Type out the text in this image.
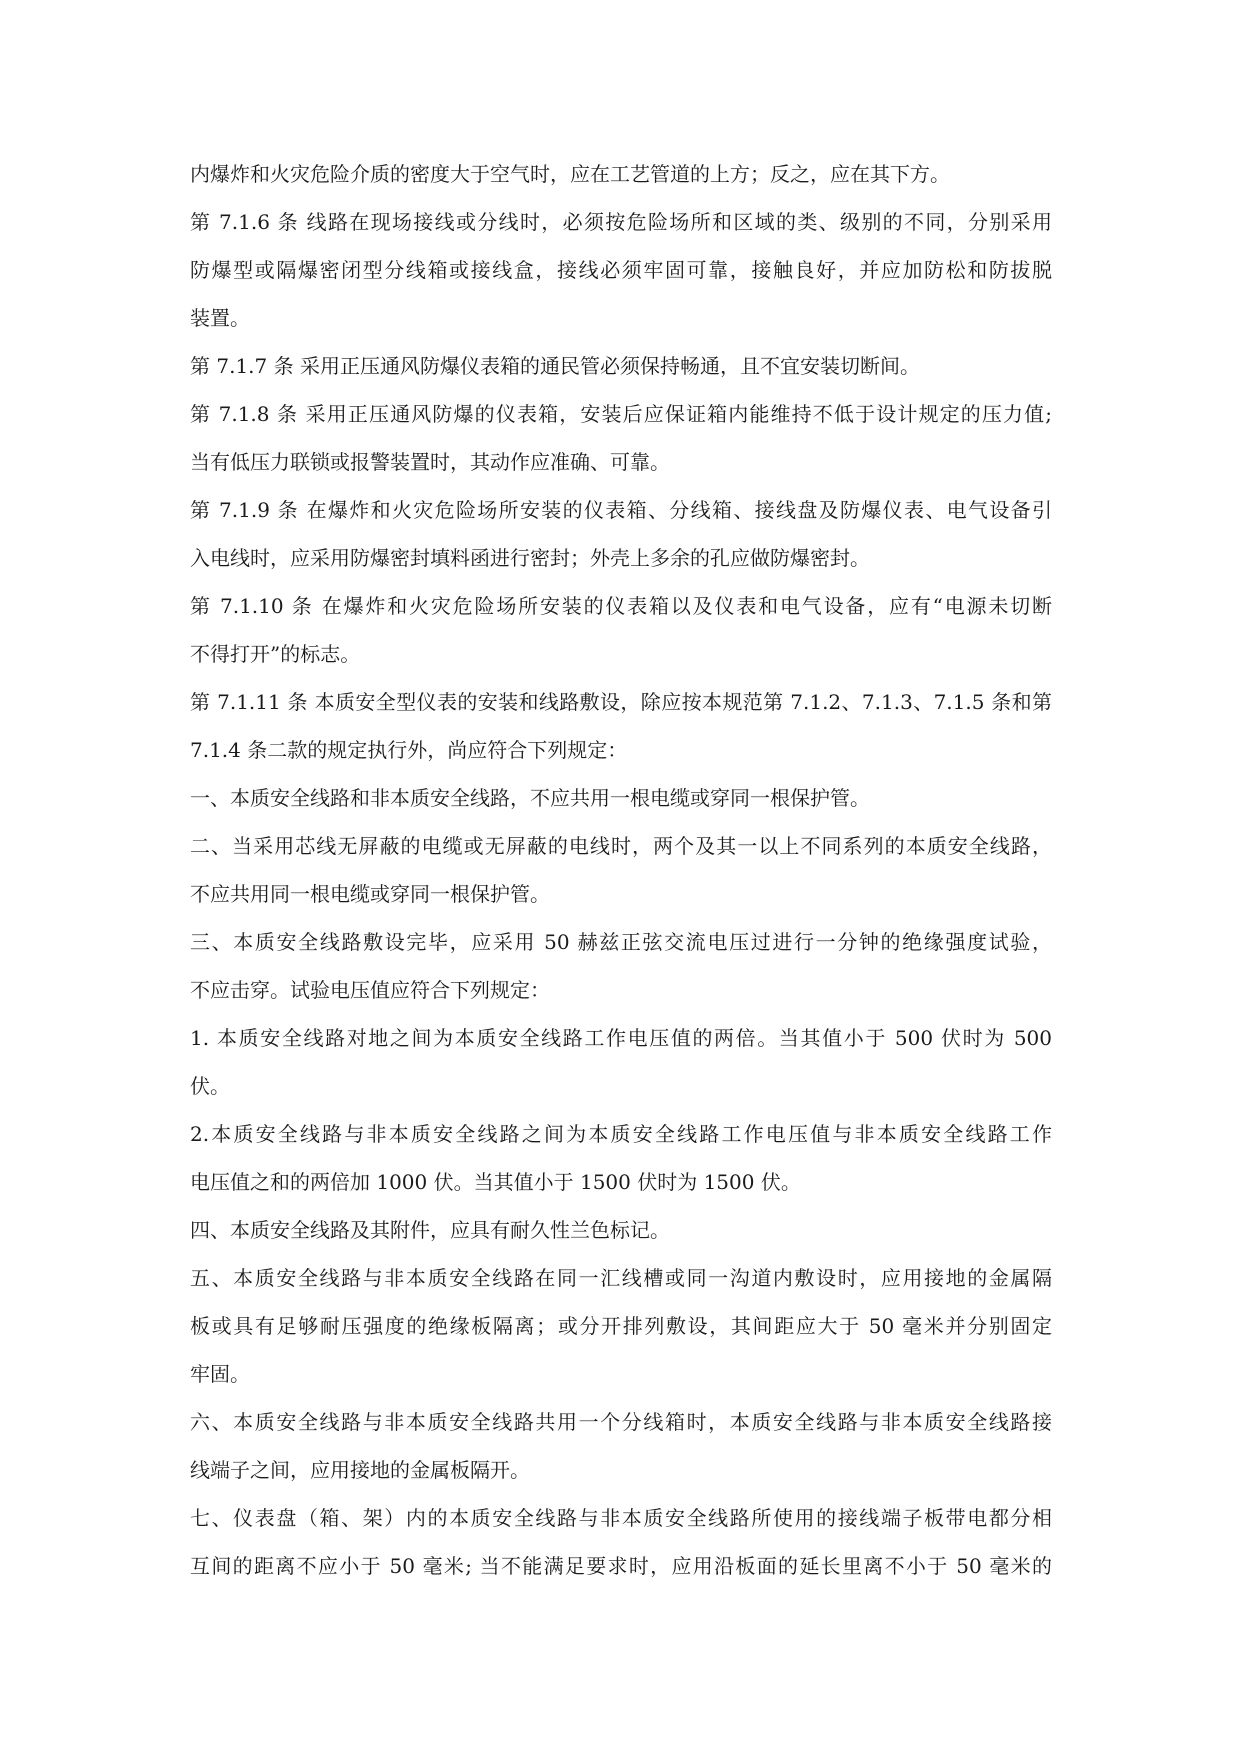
内爆炸和火灾危险介质的密度大于空气时，应在工艺管道的上方；反之，应在其下方。
第 7.1.6 条 线路在现场接线或分线时，必须按危险场所和区域的类、级别的不同，分别采用
防爆型或隔爆密闭型分线箱或接线盒，接线必须牢固可靠，接触良好，并应加防松和防拔脱
装置。
第 7.1.7 条 采用正压通风防爆仪表箱的通民管必须保持畅通，且不宜安装切断间。
第 7.1.8 条 采用正压通风防爆的仪表箱，安装后应保证箱内能维持不低于设计规定的压力值;
当有低压力联锁或报警装置时，其动作应准确、可靠。
第 7.1.9 条 在爆炸和火灾危险场所安装的仪表箱、分线箱、接线盘及防爆仪表、电气设备引
入电线时，应采用防爆密封填料函进行密封；外壳上多余的孔应做防爆密封。
第 7.1.10 条 在爆炸和火灾危险场所安装的仪表箱以及仪表和电气设备，应有“电源未切断
不得打开”的标志。
第 7.1.11 条 本质安全型仪表的安装和线路敷设，除应按本规范第 7.1.2、7.1.3、7.1.5 条和第
7.1.4 条二款的规定执行外，尚应符合下列规定：
一、本质安全线路和非本质安全线路，不应共用一根电缆或穿同一根保护管。
二、当采用芯线无屏蔽的电缆或无屏蔽的电线时，两个及其一以上不同系列的本质安全线路，
不应共用同一根电缆或穿同一根保护管。
三、本质安全线路敷设完毕，应采用 50 赫兹正弦交流电压过进行一分钟的绝缘强度试验，
不应击穿。试验电压值应符合下列规定：
1. 本质安全线路对地之间为本质安全线路工作电压值的两倍。当其值小于 500 伏时为 500
伏。
2.本质安全线路与非本质安全线路之间为本质安全线路工作电压值与非本质安全线路工作
电压值之和的两倍加 1000 伏。当其值小于 1500 伏时为 1500 伏。
四、本质安全线路及其附件，应具有耐久性兰色标记。
五、本质安全线路与非本质安全线路在同一汇线槽或同一沟道内敷设时，应用接地的金属隔
板或具有足够耐压强度的绝缘板隔离；或分开排列敷设，其间距应大于 50 毫米并分别固定
牢固。
六、本质安全线路与非本质安全线路共用一个分线箱时，本质安全线路与非本质安全线路接
线端子之间，应用接地的金属板隔开。
七、仪表盘（箱、架）内的本质安全线路与非本质安全线路所使用的接线端子板带电都分相
互间的距离不应小于 50 毫米; 当不能满足要求时，应用沿板面的延长里离不小于 50 毫米的
